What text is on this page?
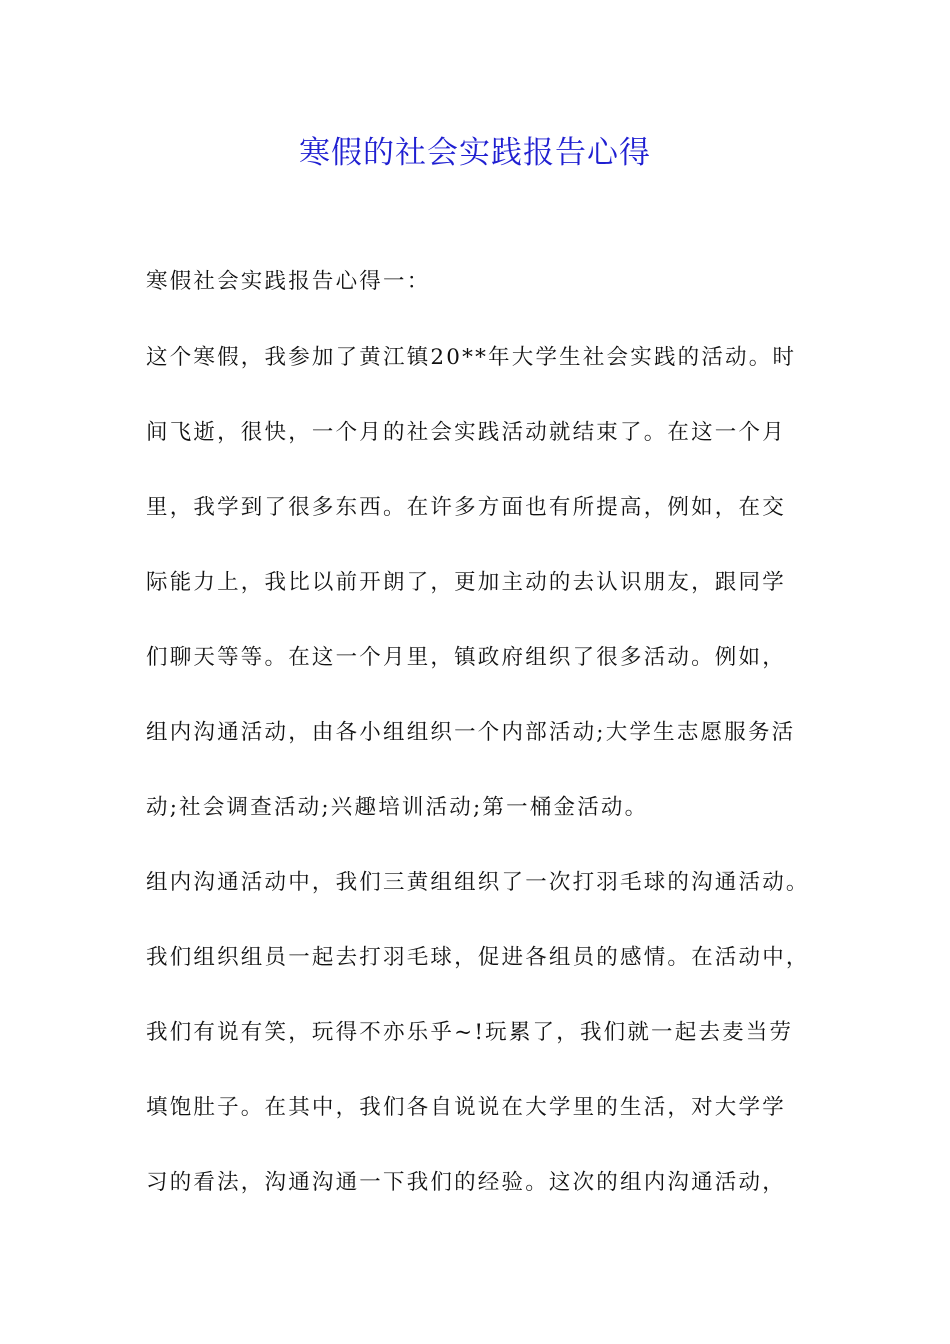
寒假的社会实践报告心得

寒假社会实践报告心得一：

这个寒假，我参加了黄江镇20**年大学生社会实践的活动。时

间飞逝，很快，一个月的社会实践活动就结束了。在这一个月

里，我学到了很多东西。在许多方面也有所提高，例如，在交

际能力上，我比以前开朗了，更加主动的去认识朋友，跟同学

们聊天等等。在这一个月里，镇政府组织了很多活动。例如，

组内沟通活动，由各小组组织一个内部活动;大学生志愿服务活

动;社会调查活动;兴趣培训活动;第一桶金活动。

组内沟通活动中，我们三黄组组织了一次打羽毛球的沟通活动。

我们组织组员一起去打羽毛球，促进各组员的感情。在活动中，

我们有说有笑，玩得不亦乐乎~!玩累了，我们就一起去麦当劳

填饱肚子。在其中，我们各自说说在大学里的生活，对大学学

习的看法，沟通沟通一下我们的经验。这次的组内沟通活动，
